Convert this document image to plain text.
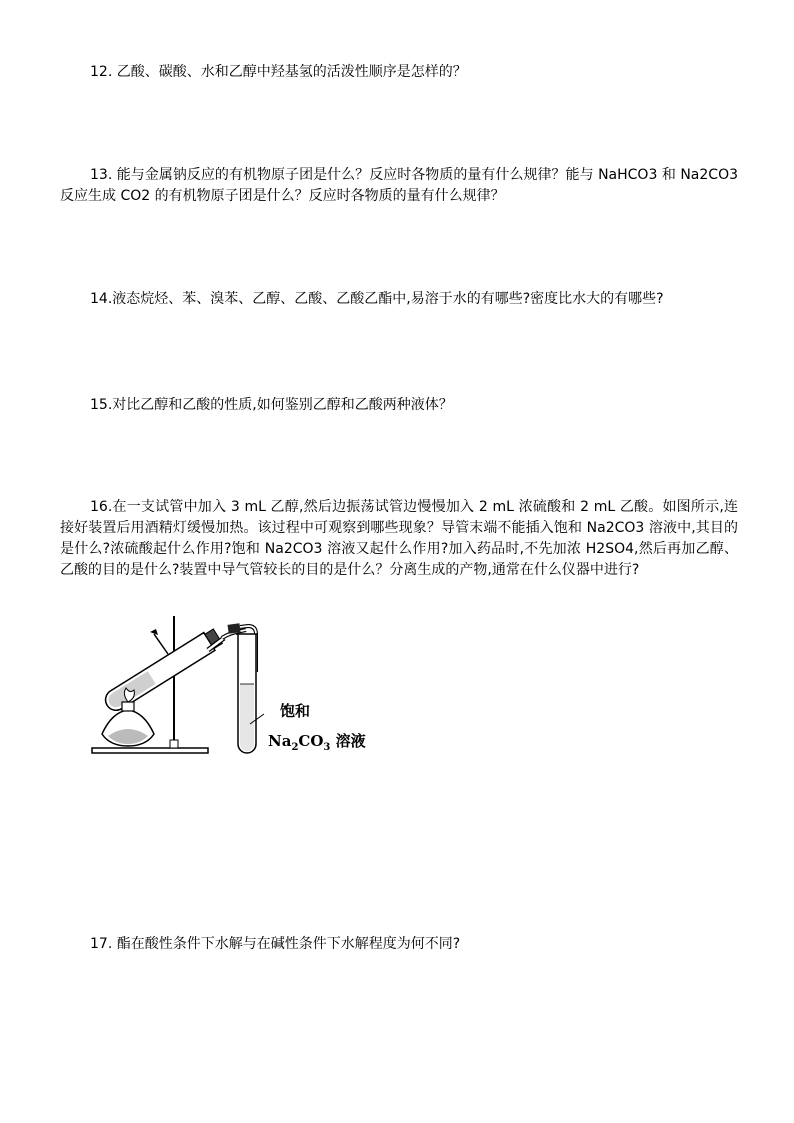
12. 乙酸、碳酸、水和乙醇中羟基氢的活泼性顺序是怎样的？

13. 能与金属钠反应的有机物原子团是什么？反应时各物质的量有什么规律？能与 NaHCO3 和 Na2CO3 反应生成 CO2 的有机物原子团是什么？反应时各物质的量有什么规律？

14.液态烷烃、苯、溴苯、乙醇、乙酸、乙酸乙酯中,易溶于水的有哪些?密度比水大的有哪些?

15.对比乙醇和乙酸的性质,如何鉴别乙醇和乙酸两种液体？

16.在一支试管中加入 3 mL 乙醇,然后边振荡试管边慢慢加入 2 mL 浓硫酸和 2 mL 乙酸。如图所示,连接好装置后用酒精灯缓慢加热。该过程中可观察到哪些现象？导管末端不能插入饱和 Na2CO3 溶液中,其目的是什么?浓硫酸起什么作用?饱和 Na2CO3 溶液又起什么作用?加入药品时,不先加浓 H2SO4,然后再加乙醇、乙酸的目的是什么?装置中导气管较长的目的是什么？分离生成的产物,通常在什么仪器中进行?

饱和
$Na_2CO_3$ 溶液

17. 酯在酸性条件下水解与在碱性条件下水解程度为何不同?
